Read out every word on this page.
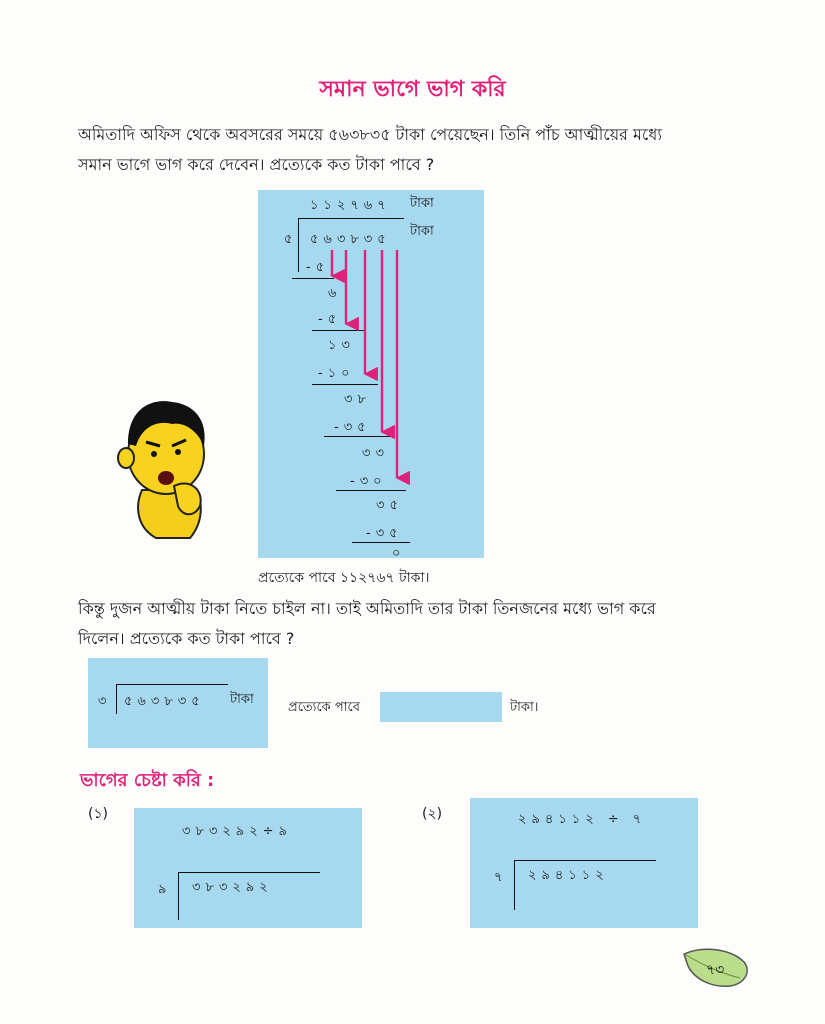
সমান ভাগে ভাগ করি
অমিতাদি অফিস থেকে অবসরের সময়ে ৫৬৩৮৩৫ টাকা পেয়েছেন। তিনি পাঁচ আত্মীয়ের মধ্যে
সমান ভাগে ভাগ করে দেবেন। প্রত্যেকে কত টাকা পাবে ?
১১২৭৬৭ টাকা
৫ ৫৬৩৮৩৫
টাকা
-৫
৬
-৫
১৩
-১০
৩৮
-৩৫
৩৩
-৩০
৩৫
-৩৫
০
প্রত্যেকে পাবে ১১২৭৬৭ টাকা।
কিন্তু দুজন আত্মীয় টাকা নিতে চাইল না। তাই অমিতাদি তার টাকা তিনজনের মধ্যে ভাগ করে
দিলেন। প্রত্যেকে কত টাকা পাবে ?
৩ ৫৬৩৮৩৫ টাকা
প্রত্যেকে পাবে	টাকা।
ভাগের চেষ্টা করি :
(১)
৩৮৩২৯২÷৯
৯ ৩৮৩২৯২
(২)	২৯৪১১২ ÷ ৭
৭ ২৯৪১১২
৭৩
